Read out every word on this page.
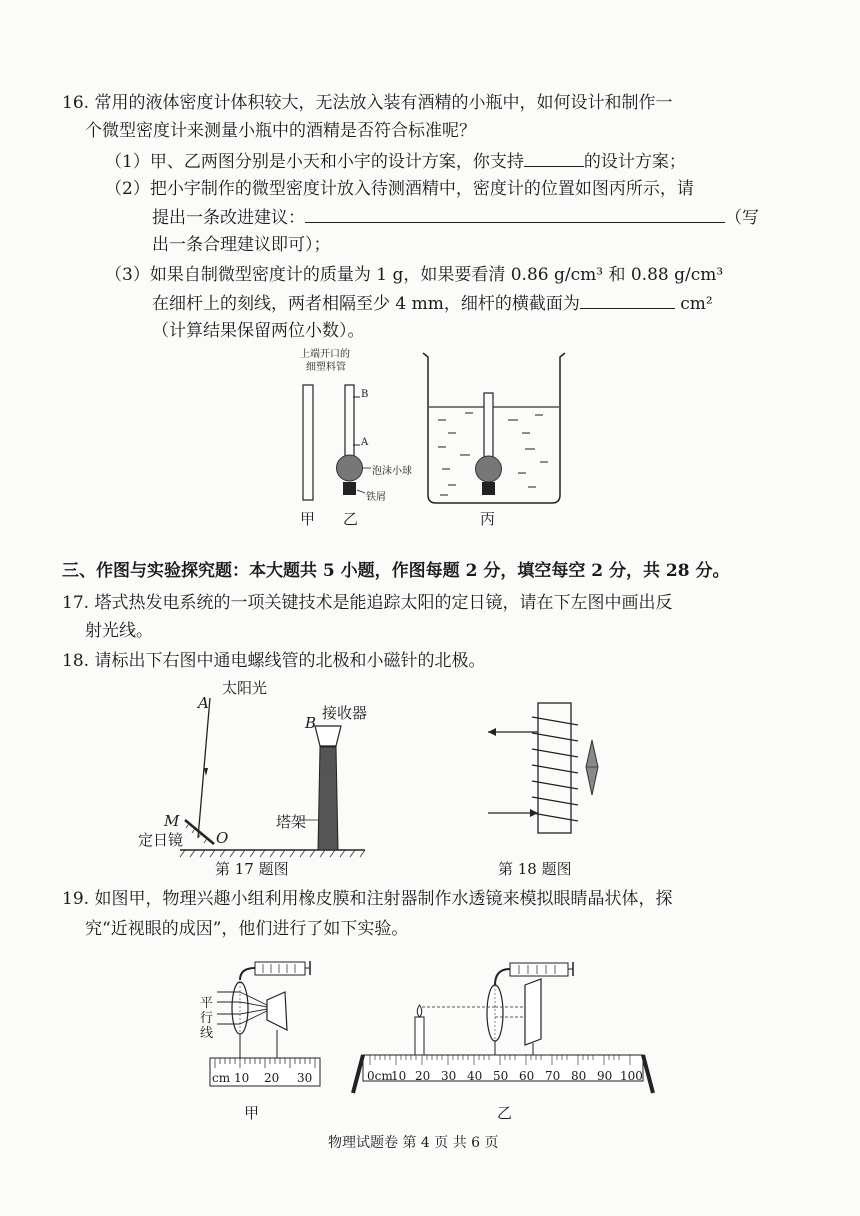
16. 常用的液体密度计体积较大，无法放入装有酒精的小瓶中，如何设计和制作一
个微型密度计来测量小瓶中的酒精是否符合标准呢？
（1）甲、乙两图分别是小天和小宇的设计方案，你支持	的设计方案；
（2）把小宇制作的微型密度计放入待测酒精中，密度计的位置如图丙所示，请
提出一条改进建议：	（写
出一条合理建议即可）；
（3）如果自制微型密度计的质量为 1 g，如果要看清 0.86 g/cm³ 和 0.88 g/cm³
在细杆上的刻线，两者相隔至少 4 mm，细杆的横截面为	cm²
（计算结果保留两位小数）。
上端开口的
细塑料管
B
A
泡沫小球
铁屑
甲 乙	丙
三、作图与实验探究题：本大题共 5 小题，作图每题 2 分，填空每空 2 分，共 28 分。
17. 塔式热发电系统的一项关键技术是能追踪太阳的定日镜，请在下左图中画出反
射光线。
18. 请标出下右图中通电螺线管的北极和小磁针的北极。
太阳光
A
B
接收器
塔架
M
定日镜 O
第 17 题图	第 18 题图
19. 如图甲，物理兴趣小组利用橡皮膜和注射器制作水透镜来模拟眼睛晶状体，探
究“近视眼的成因”，他们进行了如下实验。
平
行
线
cm 10 20 30
甲
0cm
10 20 30 40 50 60 70 80 90 100
乙
物理试题卷 第 4 页 共 6 页
